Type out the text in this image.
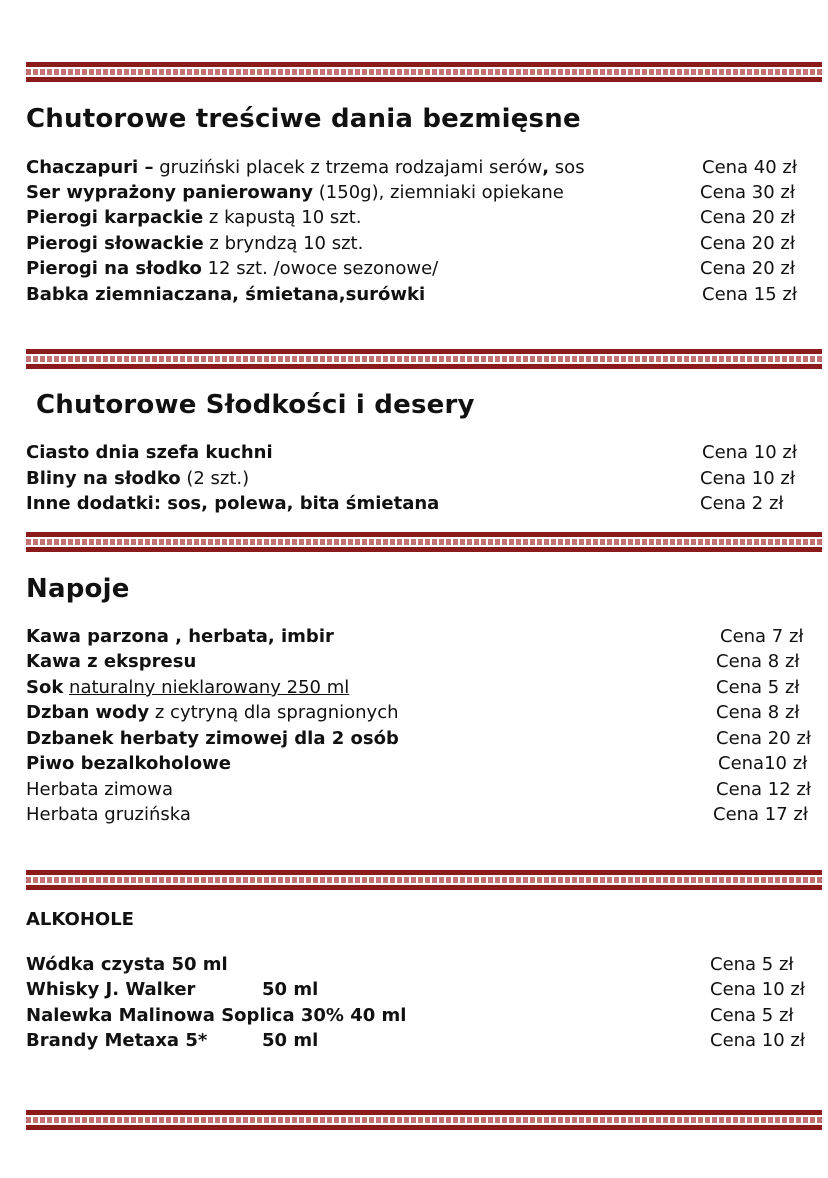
Chutorowe treściwe dania bezmięsne
Chaczapuri – gruziński placek z trzema rodzajami serów, sos	Cena 40 zł
Ser wyprażony panierowany (150g), ziemniaki opiekane	Cena 30 zł
Pierogi karpackie z kapustą 10 szt.	Cena 20 zł
Pierogi słowackie z bryndzą 10 szt.	Cena 20 zł
Pierogi na słodko 12 szt. /owoce sezonowe/	Cena 20 zł
Babka ziemniaczana, śmietana,surówki	Cena 15 zł
Chutorowe Słodkości i desery
Ciasto dnia szefa kuchni	Cena 10 zł
Bliny na słodko (2 szt.)	Cena 10 zł
Inne dodatki: sos, polewa, bita śmietana	Cena 2 zł
Napoje
Kawa parzona , herbata, imbir	Cena 7 zł
Kawa z ekspresu	Cena 8 zł
Sok naturalny nieklarowany 250 ml	Cena 5 zł
Dzban wody z cytryną dla spragnionych	Cena 8 zł
Dzbanek herbaty zimowej dla 2 osób	Cena 20 zł
Piwo bezalkoholowe	Cena10 zł
Herbata zimowa	Cena 12 zł
Herbata gruzińska	Cena 17 zł
ALKOHOLE
Wódka czysta 50 ml	Cena 5 zł
Whisky J. Walker	50 ml	Cena 10 zł
Nalewka Malinowa Soplica 30% 40 ml	Cena 5 zł
Brandy Metaxa 5*	50 ml	Cena 10 zł
